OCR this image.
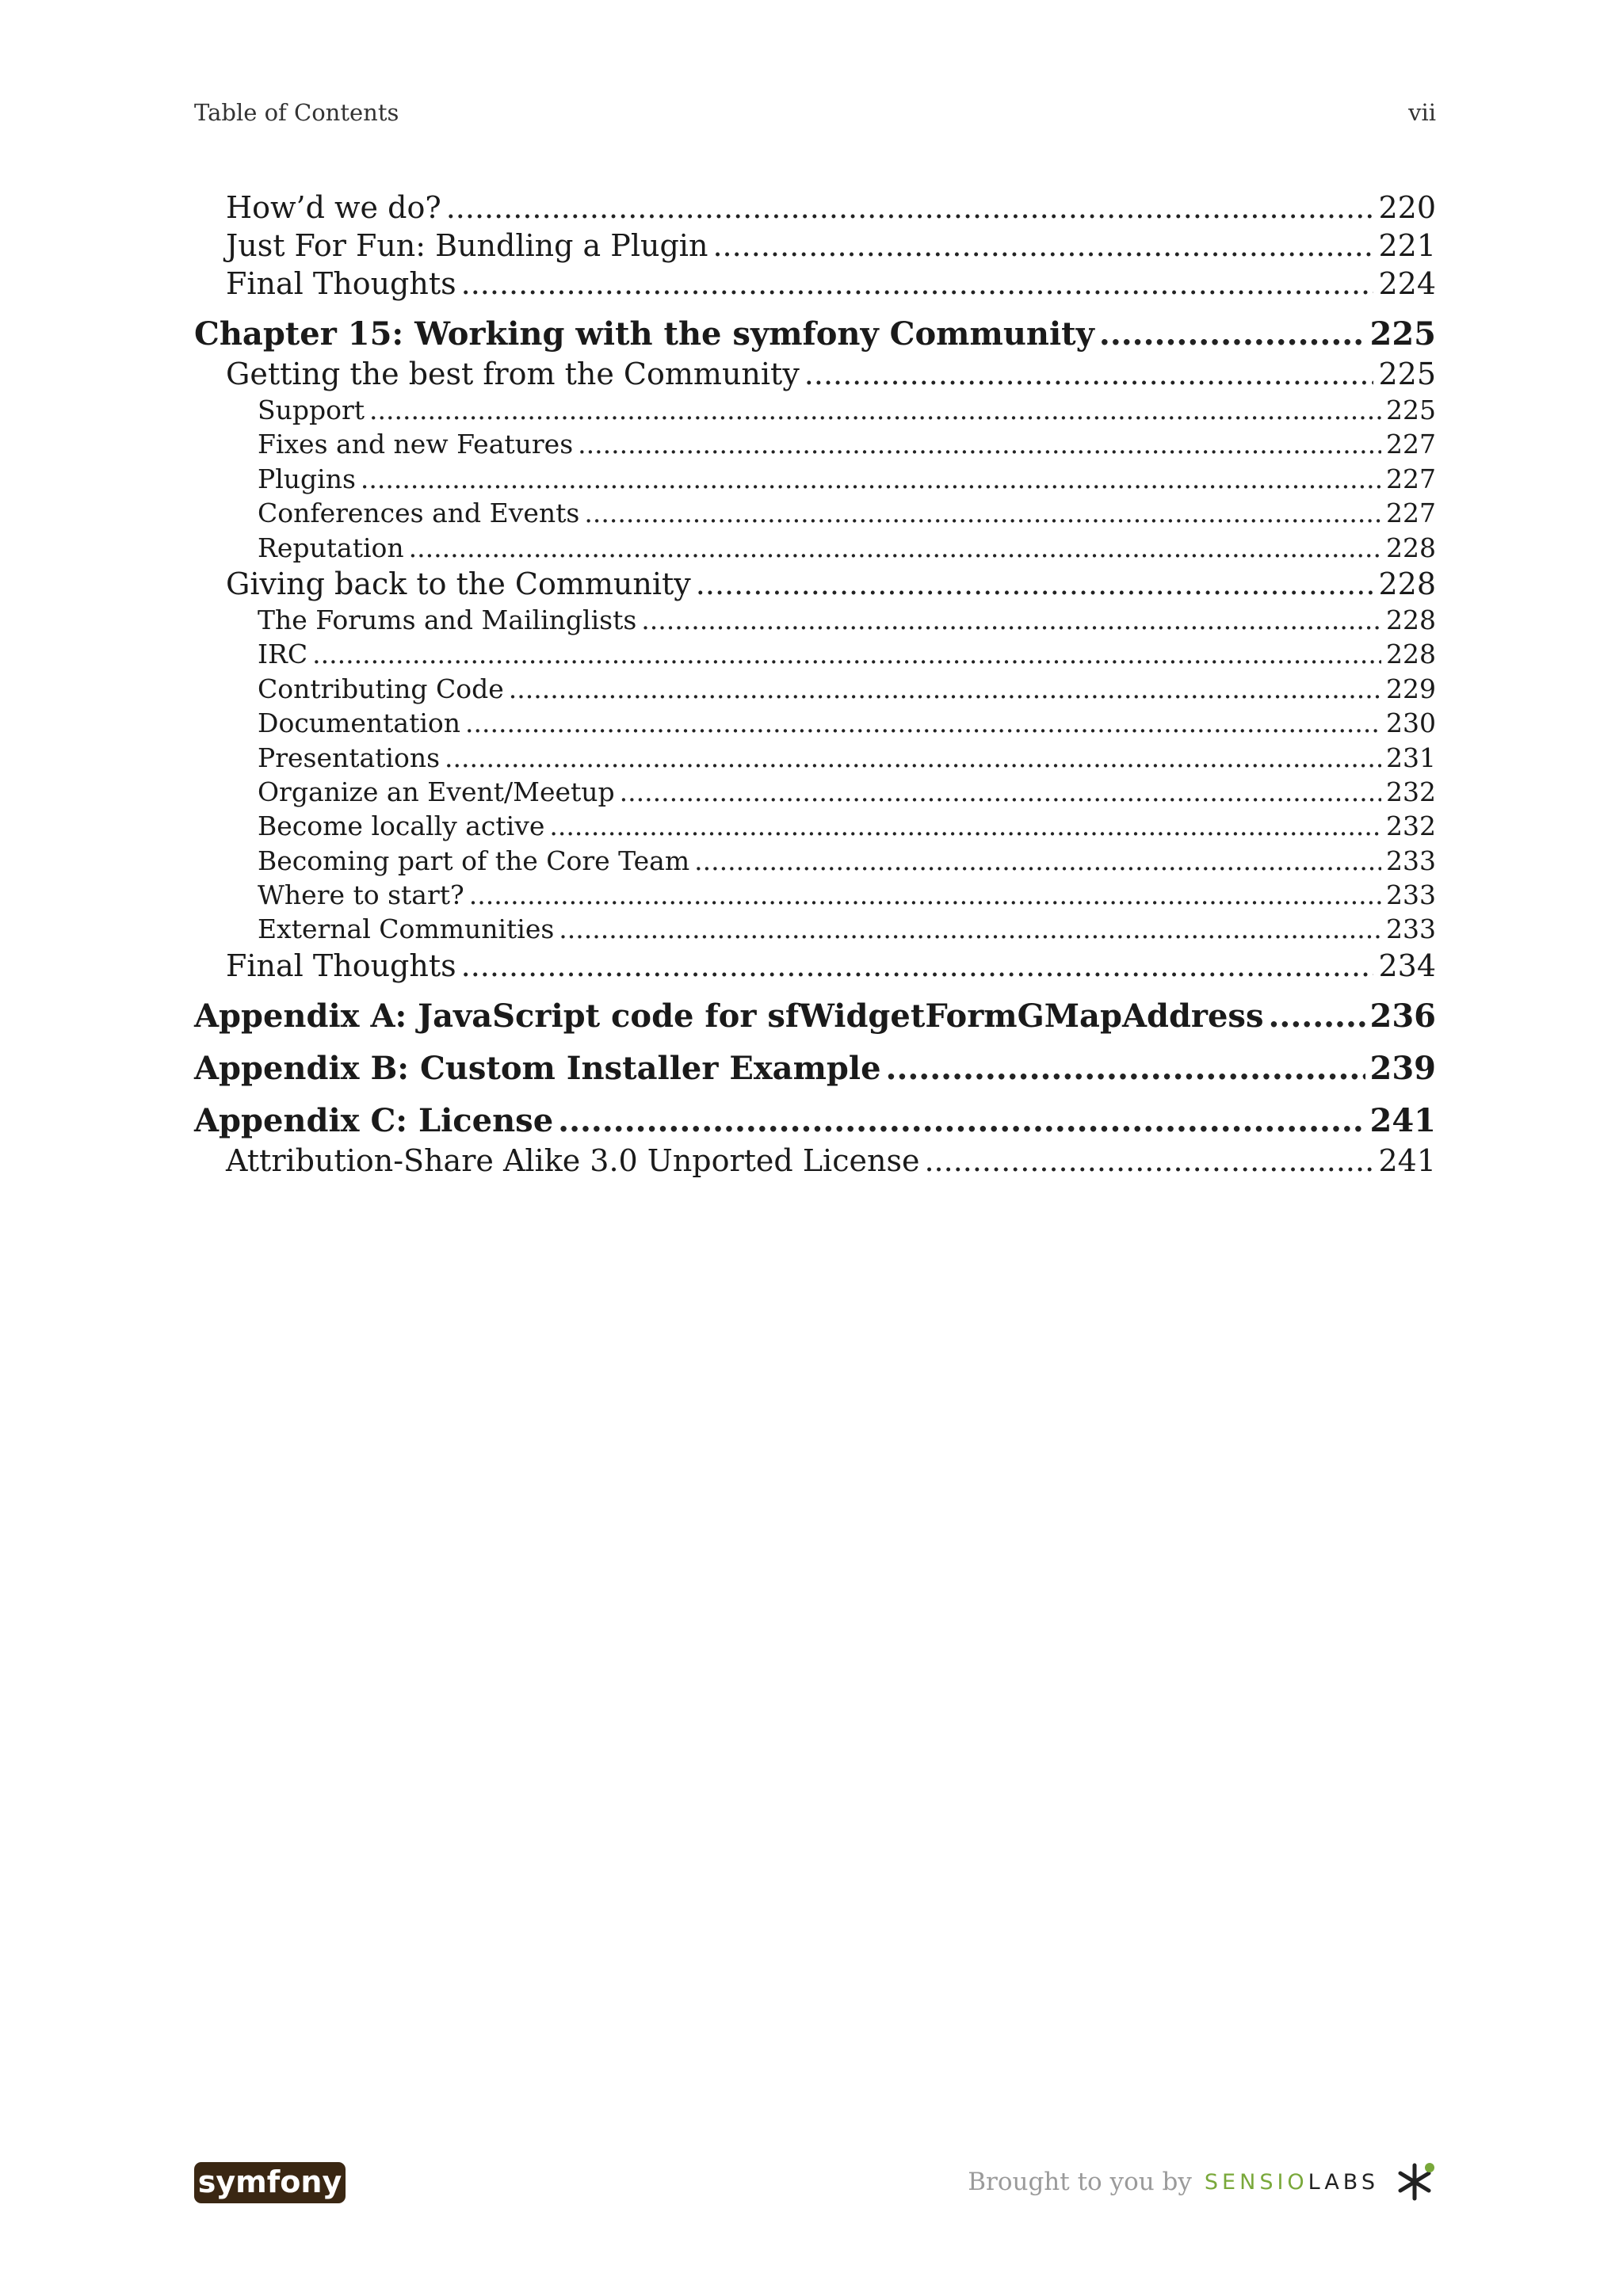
Table of Contents	vii
How’d we do? .....	220
Just For Fun: Bundling a Plugin .....	221
Final Thoughts .....	224
Chapter 15: Working with the symfony Community .....	225
Getting the best from the Community .....	225
Support .....	225
Fixes and new Features .....	227
Plugins .....	227
Conferences and Events .....	227
Reputation .....	228
Giving back to the Community .....	228
The Forums and Mailinglists .....	228
IRC .....	228
Contributing Code .....	229
Documentation .....	230
Presentations .....	231
Organize an Event/Meetup .....	232
Become locally active .....	232
Becoming part of the Core Team .....	233
Where to start? .....	233
External Communities .....	233
Final Thoughts .....	234
Appendix A: JavaScript code for sfWidgetFormGMapAddress .....	236
Appendix B: Custom Installer Example .....	239
Appendix C: License .....	241
Attribution-Share Alike 3.0 Unported License .....	241
symfony	Brought to you by SENSIOLABS
